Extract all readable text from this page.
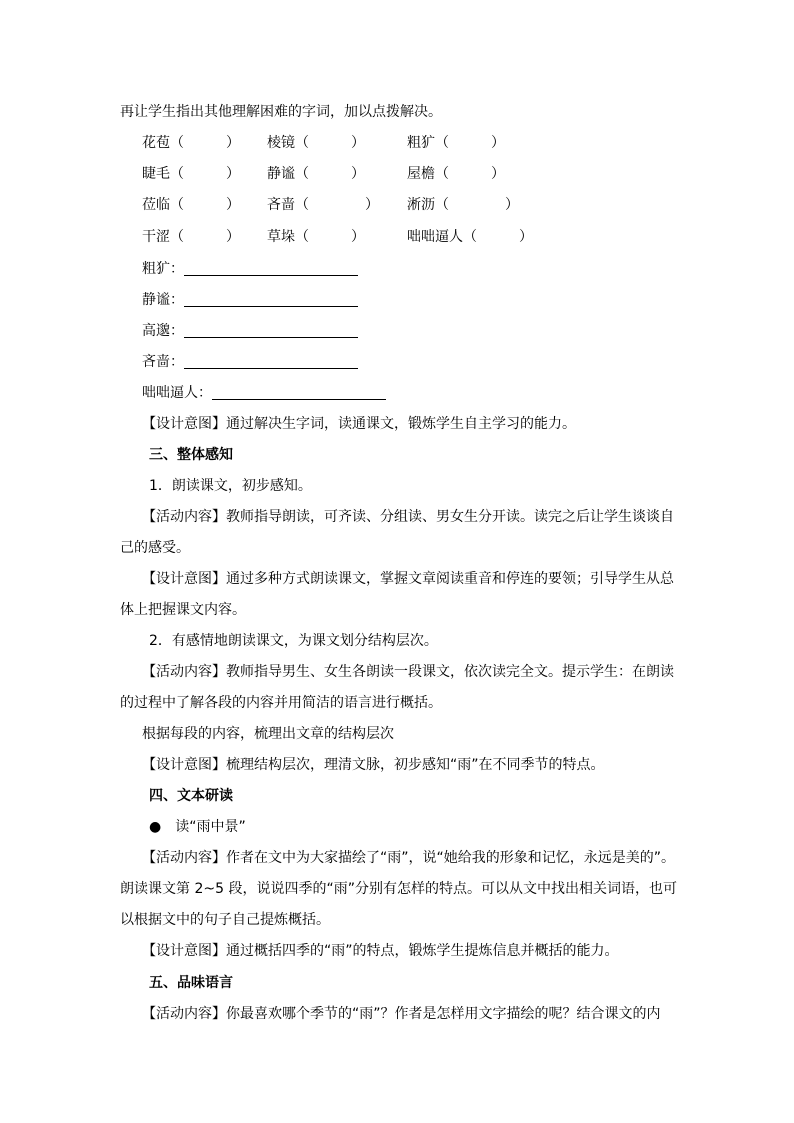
再让学生指出其他理解困难的字词，加以点拨解决。
花苞（　　　） 棱镜（　　　）	粗犷（　　　）
睫毛（　　　） 静谧（　　　）	屋檐（　　　）
莅临（　　　） 吝啬（　　　　） 淅沥（　　　　）
干涩（　　　） 草垛（　　　）	咄咄逼人（　　　）
粗犷：
静谧：
高邈：
吝啬：
咄咄逼人：
【设计意图】通过解决生字词，读通课文，锻炼学生自主学习的能力。
三、整体感知
1．朗读课文，初步感知。
【活动内容】教师指导朗读，可齐读、分组读、男女生分开读。读完之后让学生谈谈自
己的感受。
【设计意图】通过多种方式朗读课文，掌握文章阅读重音和停连的要领；引导学生从总
体上把握课文内容。
2．有感情地朗读课文，为课文划分结构层次。
【活动内容】教师指导男生、女生各朗读一段课文，依次读完全文。提示学生：在朗读
的过程中了解各段的内容并用简洁的语言进行概括。
根据每段的内容，梳理出文章的结构层次
【设计意图】梳理结构层次，理清文脉，初步感知“雨”在不同季节的特点。
四、文本研读
●　读“雨中景”
【活动内容】作者在文中为大家描绘了“雨”，说“她给我的形象和记忆，永远是美的”。
朗读课文第 2~5 段，说说四季的“雨”分别有怎样的特点。可以从文中找出相关词语，也可
以根据文中的句子自己提炼概括。
【设计意图】通过概括四季的“雨”的特点，锻炼学生提炼信息并概括的能力。
五、品味语言
【活动内容】你最喜欢哪个季节的“雨”？作者是怎样用文字描绘的呢？结合课文的内
